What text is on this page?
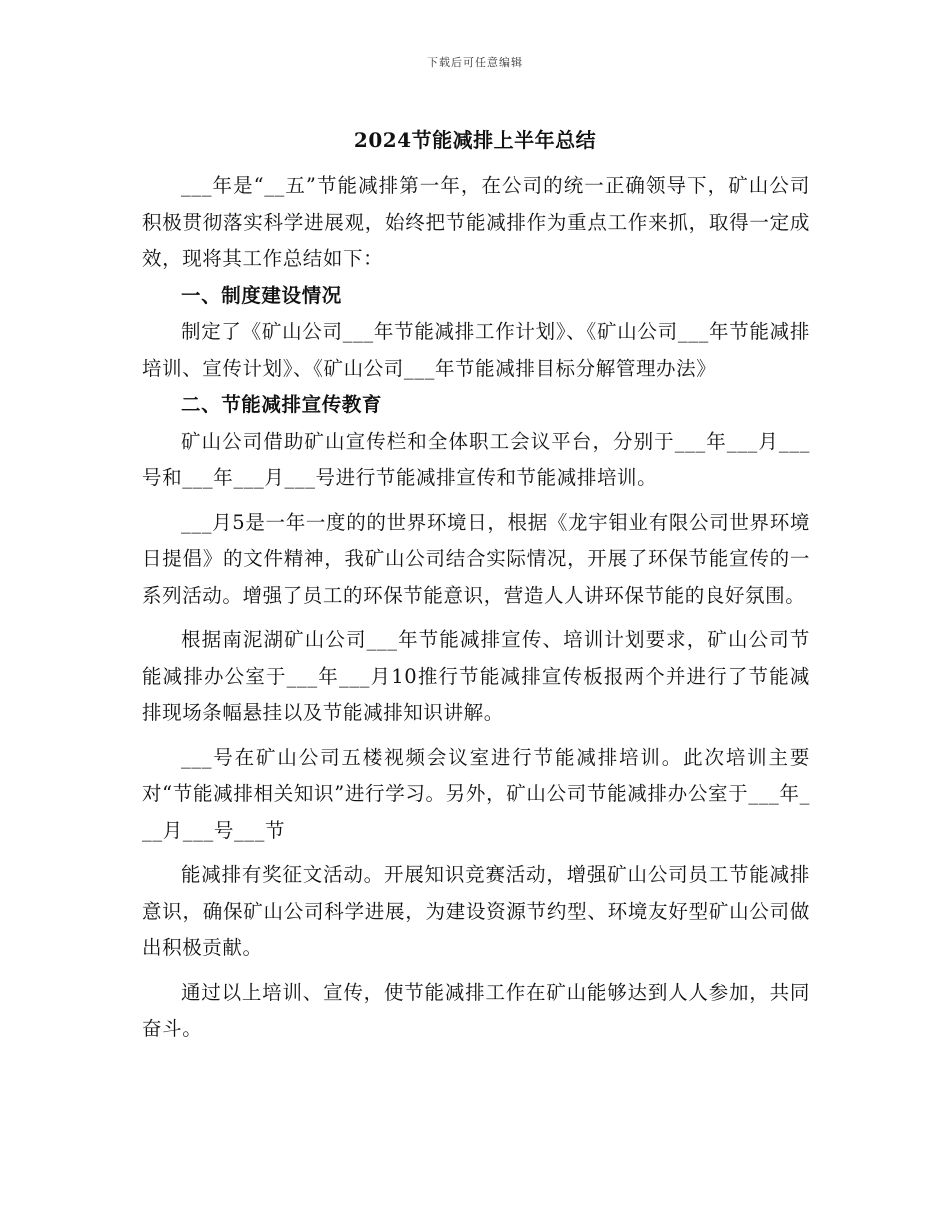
下载后可任意编辑
2024节能减排上半年总结

___年是“__五”节能减排第一年，在公司的统一正确领导下，矿山公司积极贯彻落实科学进展观，始终把节能减排作为重点工作来抓，取得一定成效，现将其工作总结如下：

一、制度建设情况

制定了《矿山公司___年节能减排工作计划》、《矿山公司___年节能减排培训、宣传计划》、《矿山公司___年节能减排目标分解管理办法》

二、节能减排宣传教育

矿山公司借助矿山宣传栏和全体职工会议平台，分别于___年___月___号和___年___月___号进行节能减排宣传和节能减排培训。

___月5是一年一度的的世界环境日，根据《龙宇钼业有限公司世界环境日提倡》的文件精神，我矿山公司结合实际情况，开展了环保节能宣传的一系列活动。增强了员工的环保节能意识，营造人人讲环保节能的良好氛围。

根据南泥湖矿山公司___年节能减排宣传、培训计划要求，矿山公司节能减排办公室于___年___月10推行节能减排宣传板报两个并进行了节能减排现场条幅悬挂以及节能减排知识讲解。

___号在矿山公司五楼视频会议室进行节能减排培训。此次培训主要对“节能减排相关知识”进行学习。另外，矿山公司节能减排办公室于___年___月___号___节

能减排有奖征文活动。开展知识竞赛活动，增强矿山公司员工节能减排意识，确保矿山公司科学进展，为建设资源节约型、环境友好型矿山公司做出积极贡献。

通过以上培训、宣传，使节能减排工作在矿山能够达到人人参加，共同奋斗。
